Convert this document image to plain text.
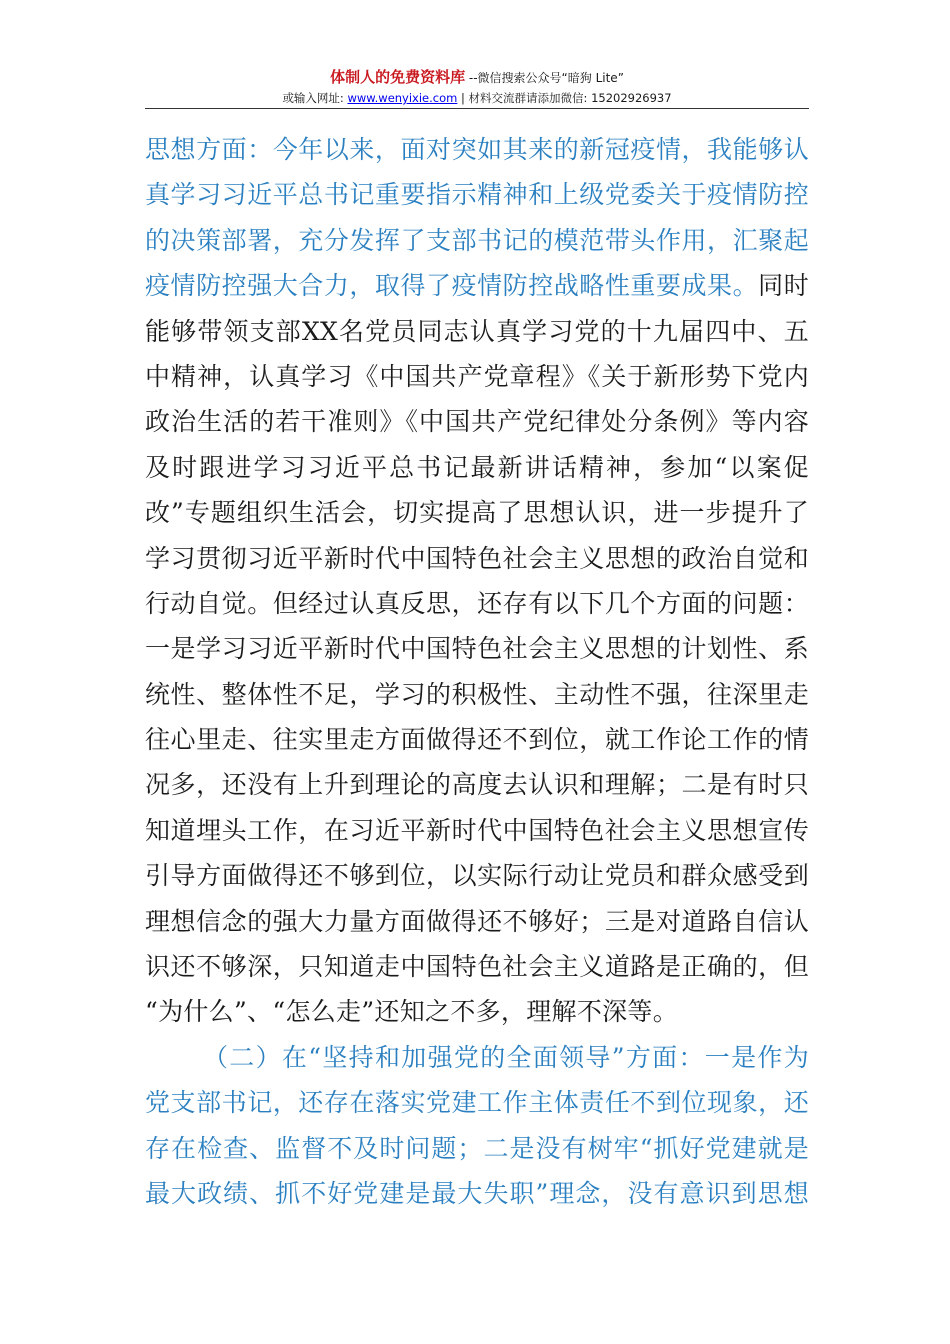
体制人的免费资料库 --微信搜索公众号“暗狗 Lite”
或输入网址: www.wenyixie.com | 材料交流群请添加微信: 15202926937
思想方面：今年以来，面对突如其来的新冠疫情，我能够认
真学习习近平总书记重要指示精神和上级党委关于疫情防控
的决策部署，充分发挥了支部书记的模范带头作用，汇聚起
疫情防控强大合力，取得了疫情防控战略性重要成果。同时
能够带领支部XX名党员同志认真学习党的十九届四中、五
中精神，认真学习《中国共产党章程》《关于新形势下党内
政治生活的若干准则》《中国共产党纪律处分条例》等内容
及时跟进学习习近平总书记最新讲话精神，参加“以案促
改”专题组织生活会，切实提高了思想认识，进一步提升了
学习贯彻习近平新时代中国特色社会主义思想的政治自觉和
行动自觉。但经过认真反思，还存有以下几个方面的问题：
一是学习习近平新时代中国特色社会主义思想的计划性、系
统性、整体性不足，学习的积极性、主动性不强，往深里走
往心里走、往实里走方面做得还不到位，就工作论工作的情
况多，还没有上升到理论的高度去认识和理解；二是有时只
知道埋头工作，在习近平新时代中国特色社会主义思想宣传
引导方面做得还不够到位，以实际行动让党员和群众感受到
理想信念的强大力量方面做得还不够好；三是对道路自信认
识还不够深，只知道走中国特色社会主义道路是正确的，但
“为什么”、“怎么走”还知之不多，理解不深等。
（二）在“坚持和加强党的全面领导”方面：一是作为
党支部书记，还存在落实党建工作主体责任不到位现象，还
存在检查、监督不及时问题；二是没有树牢“抓好党建就是
最大政绩、抓不好党建是最大失职”理念，没有意识到思想
